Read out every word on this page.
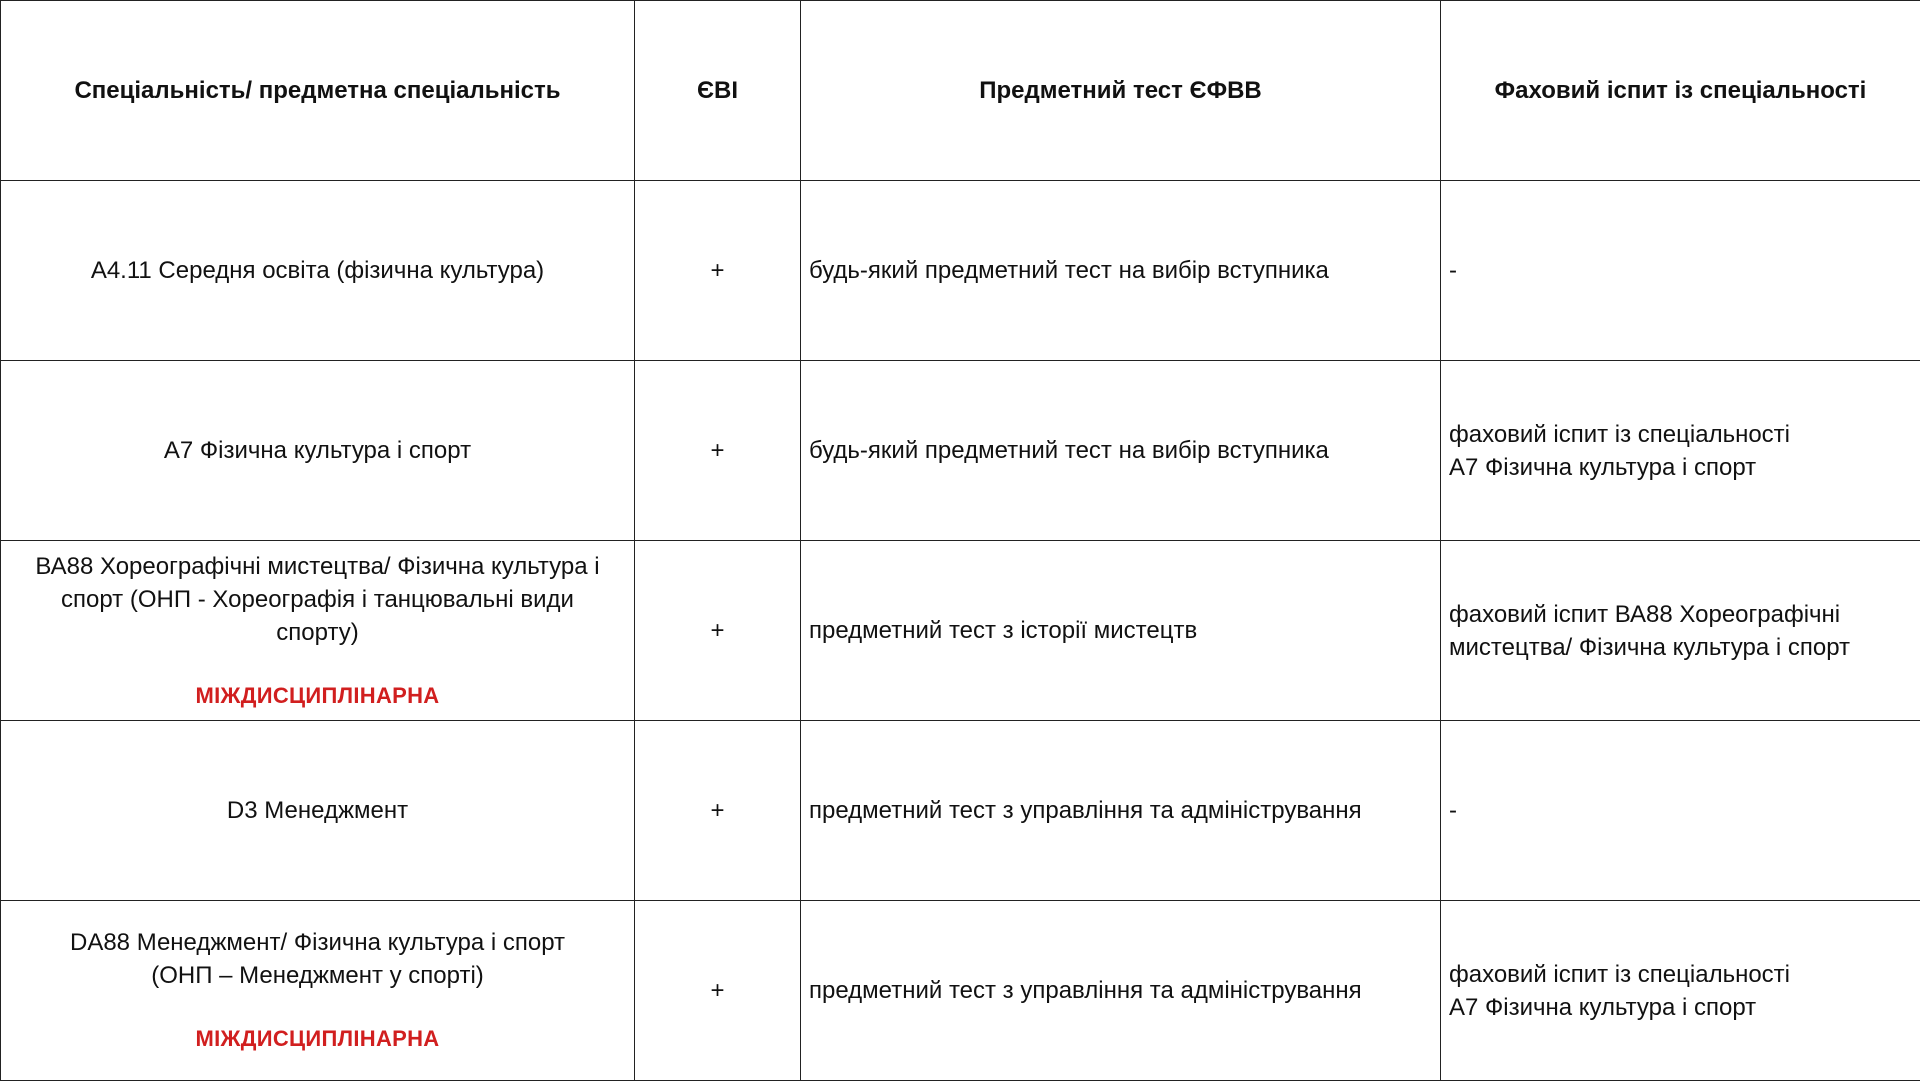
Спеціальність/ предметна спеціальність	ЄВІ	Предметний тест ЄФВВ	Фаховий іспит із спеціальності

А4.11 Середня освіта (фізична культура)	+	будь-який предметний тест на вибір вступника	-

А7 Фізична культура і спорт	+	будь-який предметний тест на вибір вступника	фаховий іспит із спеціальності
А7 Фізична культура і спорт

ВА88 Хореографічні мистецтва/ Фізична культура і
спорт (ОНП - Хореографія і танцювальні види
спорту)
МІЖДИСЦИПЛІНАРНА	+	предметний тест з історії мистецтв	фаховий іспит ВА88 Хореографічні
мистецтва/ Фізична культура і спорт

D3 Менеджмент	+	предметний тест з управління та адміністрування	-

DA88 Менеджмент/ Фізична культура і спорт
(ОНП – Менеджмент у спорті)
МІЖДИСЦИПЛІНАРНА	+	предметний тест з управління та адміністрування	фаховий іспит із спеціальності
А7 Фізична культура і спорт
